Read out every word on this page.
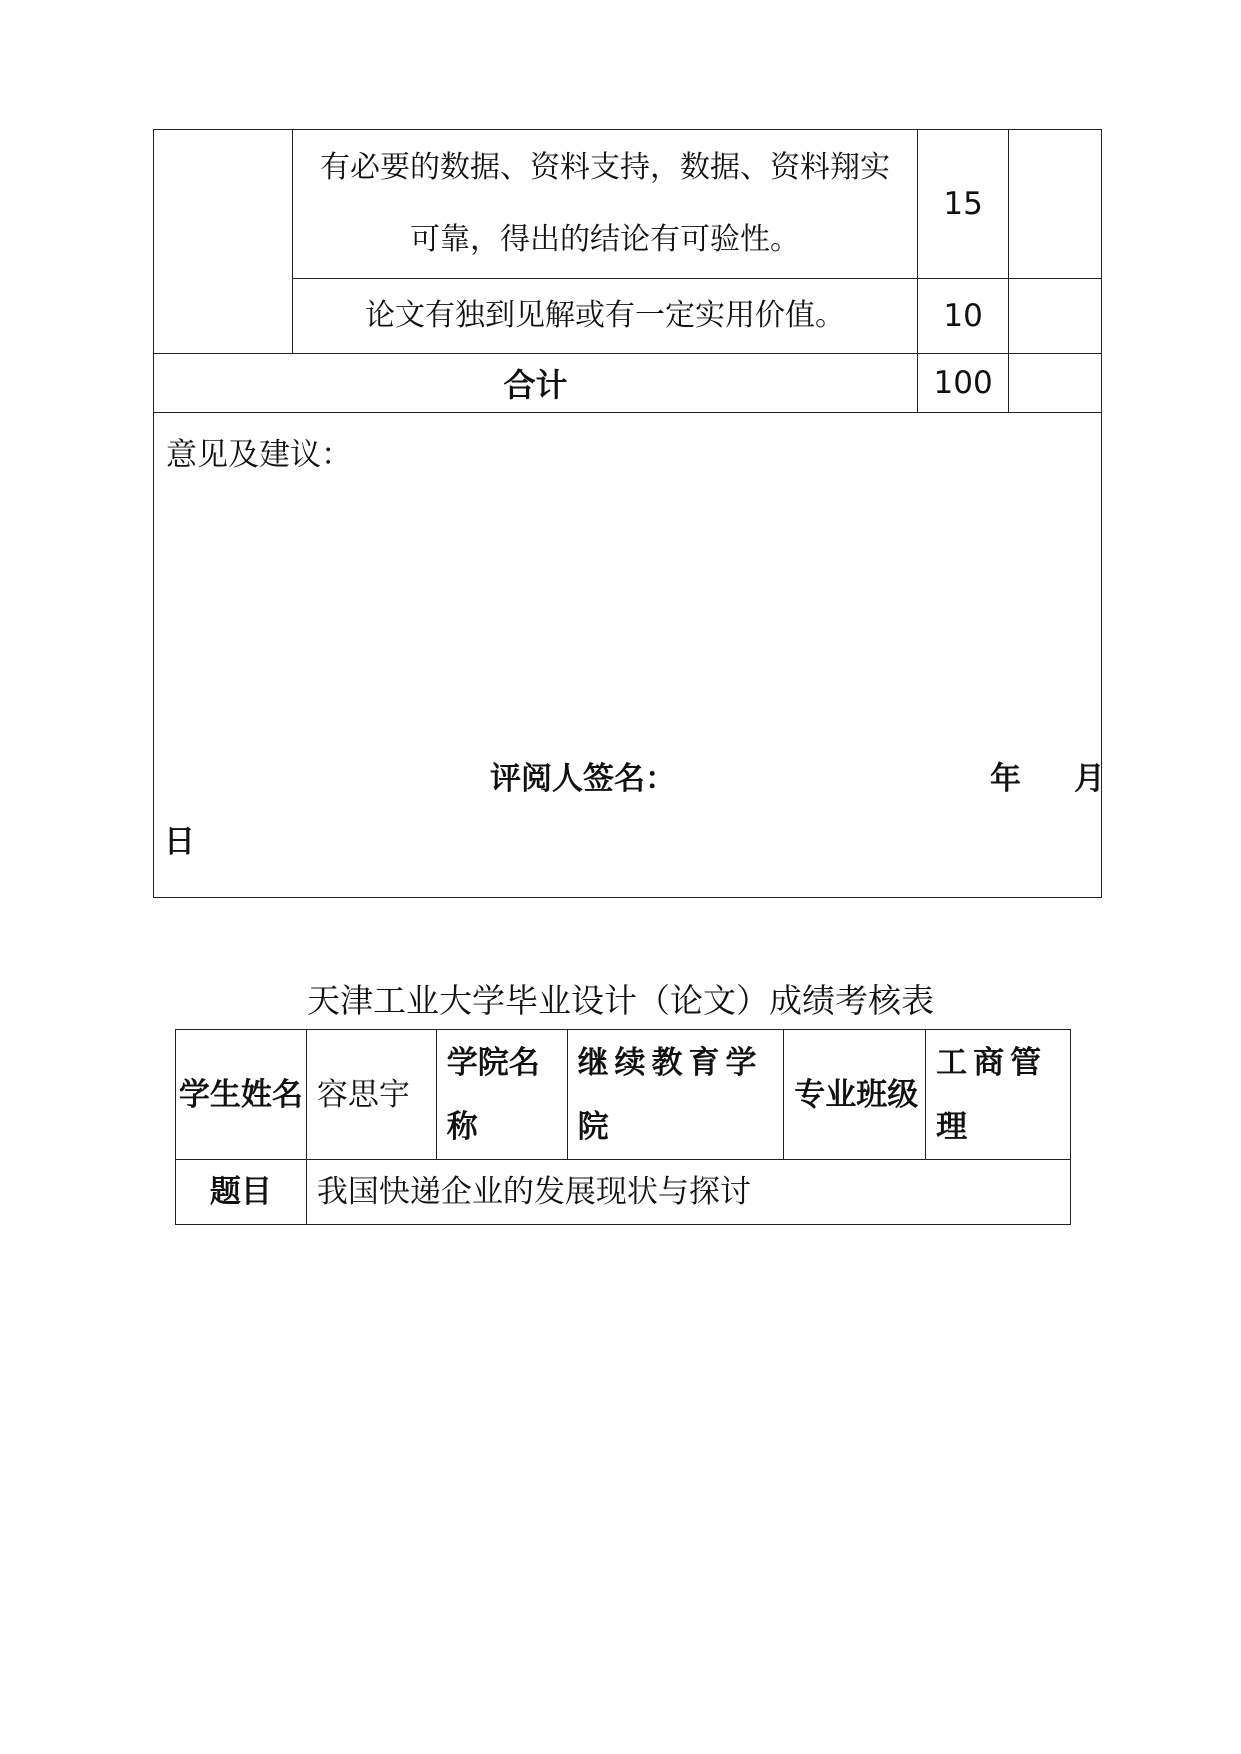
	有必要的数据、资料支持，数据、资料翔实可靠，得出的结论有可验性。	15	
	论文有独到见解或有一定实用价值。	10	
合计		100	

意见及建议：
评阅人签名： 年 月
日			
天津工业大学毕业设计（论文）成绩考核表
学生姓名	容思宇	学院名称	继续教育学院	专业班级	工商管理
题目	我国快递企业的发展现状与探讨				
